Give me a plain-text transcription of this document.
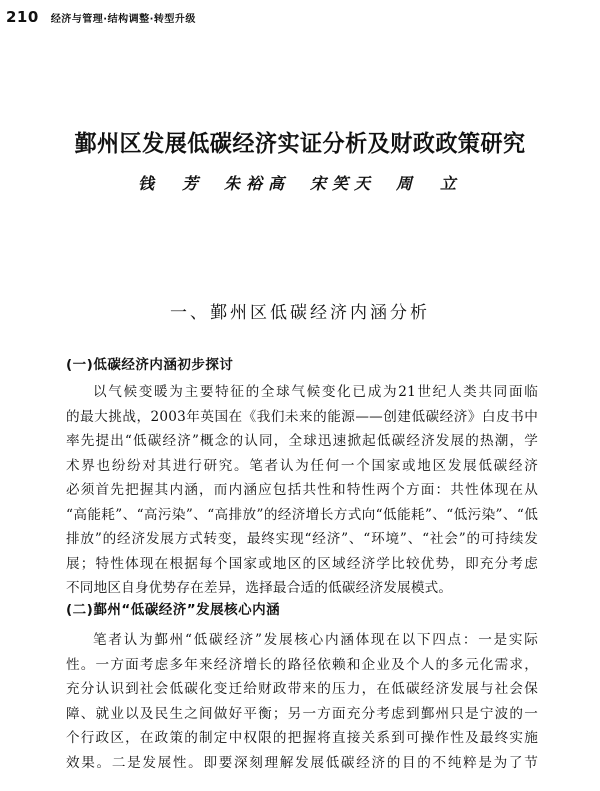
210 经济与管理·结构调整·转型升级
鄞州区发展低碳经济实证分析及财政政策研究
钱　芳 朱裕高 宋笑天 周　立
一、鄞州区低碳经济内涵分析
(一)低碳经济内涵初步探讨
以气候变暖为主要特征的全球气候变化已成为21世纪人类共同面临
的最大挑战，2003年英国在《我们未来的能源——创建低碳经济》白皮书中
率先提出“低碳经济”概念的认同，全球迅速掀起低碳经济发展的热潮，学
术界也纷纷对其进行研究。笔者认为任何一个国家或地区发展低碳经济
必须首先把握其内涵，而内涵应包括共性和特性两个方面：共性体现在从
“高能耗”、“高污染”、“高排放”的经济增长方式向“低能耗”、“低污染”、“低
排放”的经济发展方式转变，最终实现“经济”、“环境”、“社会”的可持续发
展；特性体现在根据每个国家或地区的区域经济学比较优势，即充分考虑
不同地区自身优势存在差异，选择最合适的低碳经济发展模式。
(二)鄞州“低碳经济”发展核心内涵
笔者认为鄞州“低碳经济”发展核心内涵体现在以下四点：一是实际
性。一方面考虑多年来经济增长的路径依赖和企业及个人的多元化需求，
充分认识到社会低碳化变迁给财政带来的压力，在低碳经济发展与社会保
障、就业以及民生之间做好平衡；另一方面充分考虑到鄞州只是宁波的一
个行政区，在政策的制定中权限的把握将直接关系到可操作性及最终实施
效果。二是发展性。即要深刻理解发展低碳经济的目的不纯粹是为了节
